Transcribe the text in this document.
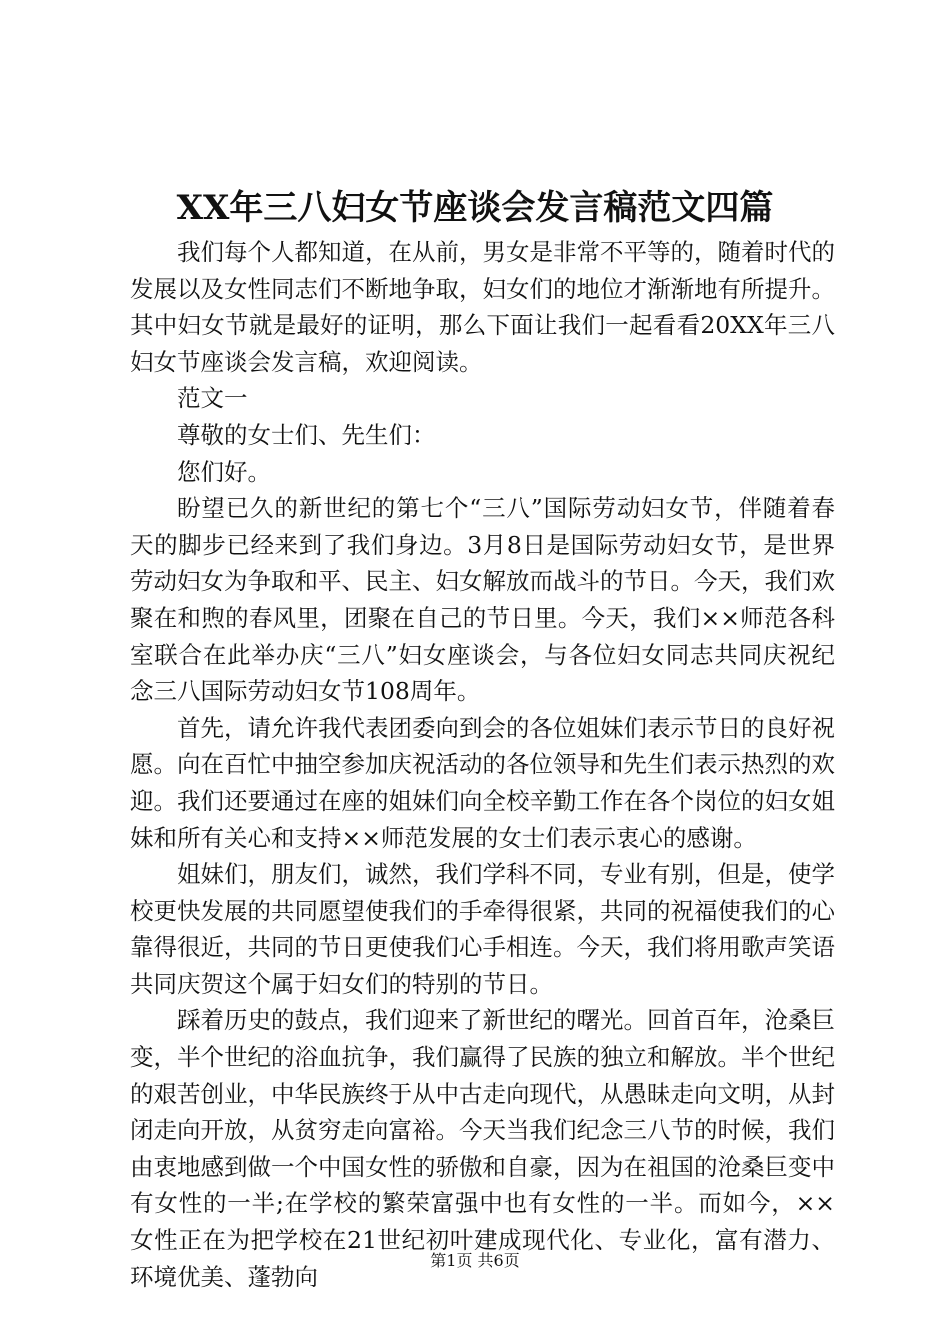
XX年三八妇女节座谈会发言稿范文四篇

我们每个人都知道，在从前，男女是非常不平等的，随着时代的发展以及女性同志们不断地争取，妇女们的地位才渐渐地有所提升。其中妇女节就是最好的证明，那么下面让我们一起看看20XX年三八妇女节座谈会发言稿，欢迎阅读。

范文一

尊敬的女士们、先生们：

您们好。

盼望已久的新世纪的第七个“三八”国际劳动妇女节，伴随着春天的脚步已经来到了我们身边。3月8日是国际劳动妇女节，是世界劳动妇女为争取和平、民主、妇女解放而战斗的节日。今天，我们欢聚在和煦的春风里，团聚在自己的节日里。今天，我们××师范各科室联合在此举办庆“三八”妇女座谈会，与各位妇女同志共同庆祝纪念三八国际劳动妇女节108周年。

首先，请允许我代表团委向到会的各位姐妹们表示节日的良好祝愿。向在百忙中抽空参加庆祝活动的各位领导和先生们表示热烈的欢迎。我们还要通过在座的姐妹们向全校辛勤工作在各个岗位的妇女姐妹和所有关心和支持××师范发展的女士们表示衷心的感谢。

姐妹们，朋友们，诚然，我们学科不同，专业有别，但是，使学校更快发展的共同愿望使我们的手牵得很紧，共同的祝福使我们的心靠得很近，共同的节日更使我们心手相连。今天，我们将用歌声笑语共同庆贺这个属于妇女们的特别的节日。

踩着历史的鼓点，我们迎来了新世纪的曙光。回首百年，沧桑巨变，半个世纪的浴血抗争，我们赢得了民族的独立和解放。半个世纪的艰苦创业，中华民族终于从中古走向现代，从愚昧走向文明，从封闭走向开放，从贫穷走向富裕。今天当我们纪念三八节的时候，我们由衷地感到做一个中国女性的骄傲和自豪，因为在祖国的沧桑巨变中有女性的一半;在学校的繁荣富强中也有女性的一半。而如今，××女性正在为把学校在21世纪初叶建成现代化、专业化，富有潜力、环境优美、蓬勃向

第1页 共6页
